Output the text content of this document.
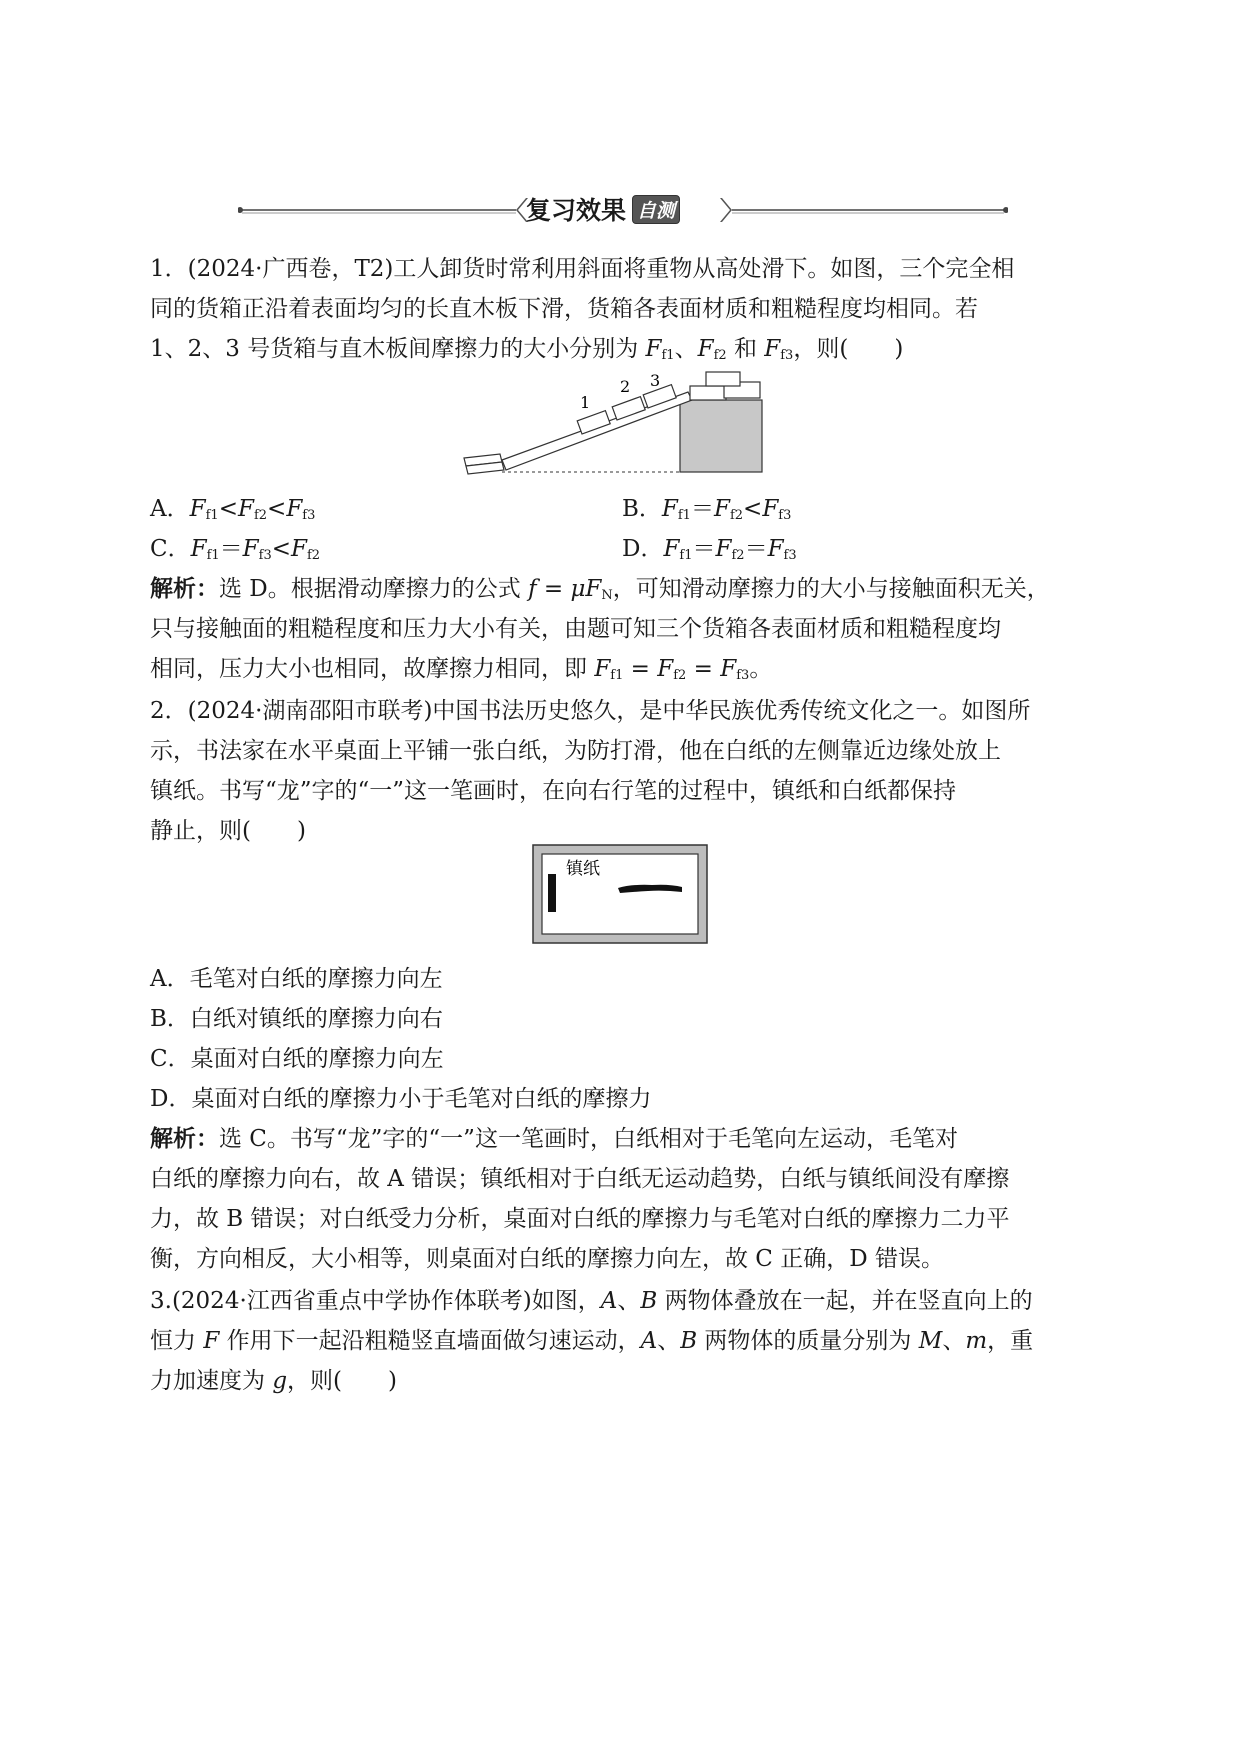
复习效果 自测
1．(2024·广西卷，T2)工人卸货时常利用斜面将重物从高处滑下。如图，三个完全相
同的货箱正沿着表面均匀的长直木板下滑，货箱各表面材质和粗糙程度均相同。若
1、2、3 号货箱与直木板间摩擦力的大小分别为 $F_{f1}$、$F_{f2}$ 和 $F_{f3}$，则(　　)
1
2 3
A．$F_{f1}<F_{f2}<F_{f3}$	B．$F_{f1}=F_{f2}<F_{f3}$
C．$F_{f1}=F_{f3}<F_{f2}$	D．$F_{f1}=F_{f2}=F_{f3}$
解析：选 D。根据滑动摩擦力的公式 $f = \mu F_N$，可知滑动摩擦力的大小与接触面积无关，
只与接触面的粗糙程度和压力大小有关，由题可知三个货箱各表面材质和粗糙程度均
相同，压力大小也相同，故摩擦力相同，即 $F_{f1} = F_{f2} = F_{f3}$。
2．(2024·湖南邵阳市联考)中国书法历史悠久，是中华民族优秀传统文化之一。如图所
示，书法家在水平桌面上平铺一张白纸，为防打滑，他在白纸的左侧靠近边缘处放上
镇纸。书写“龙”字的“一”这一笔画时，在向右行笔的过程中，镇纸和白纸都保持
静止，则(　　)
镇纸
A．毛笔对白纸的摩擦力向左
B．白纸对镇纸的摩擦力向右
C．桌面对白纸的摩擦力向左
D．桌面对白纸的摩擦力小于毛笔对白纸的摩擦力
解析：选 C。书写“龙”字的“一”这一笔画时，白纸相对于毛笔向左运动，毛笔对
白纸的摩擦力向右，故 A 错误；镇纸相对于白纸无运动趋势，白纸与镇纸间没有摩擦
力，故 B 错误；对白纸受力分析，桌面对白纸的摩擦力与毛笔对白纸的摩擦力二力平
衡，方向相反，大小相等，则桌面对白纸的摩擦力向左，故 C 正确，D 错误。
3.(2024·江西省重点中学协作体联考)如图，A、B 两物体叠放在一起，并在竖直向上的
恒力 F 作用下一起沿粗糙竖直墙面做匀速运动，A、B 两物体的质量分别为 M、m，重
力加速度为 g，则(　　)
